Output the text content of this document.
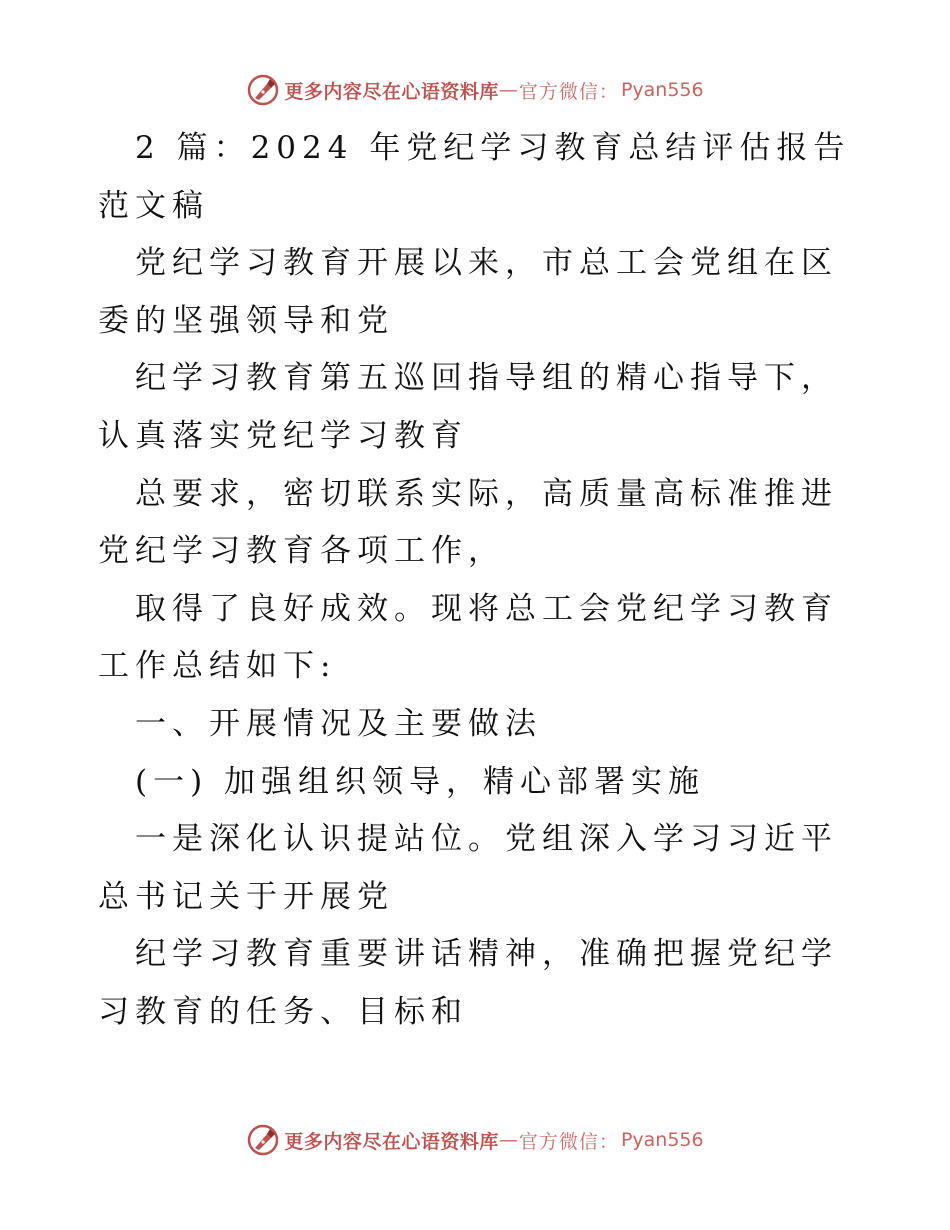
更多内容尽在心语资料库 — 官方微信： Pyan556

2 篇：2024 年党纪学习教育总结评估报告范文稿

党纪学习教育开展以来，市总工会党组在区委的坚强领导和党

纪学习教育第五巡回指导组的精心指导下，认真落实党纪学习教育

总要求，密切联系实际，高质量高标准推进党纪学习教育各项工作，

取得了良好成效。现将总工会党纪学习教育工作总结如下:

一、开展情况及主要做法

(一) 加强组织领导，精心部署实施

一是深化认识提站位。党组深入学习习近平总书记关于开展党

纪学习教育重要讲话精神，准确把握党纪学习教育的任务、目标和

更多内容尽在心语资料库 — 官方微信： Pyan556
